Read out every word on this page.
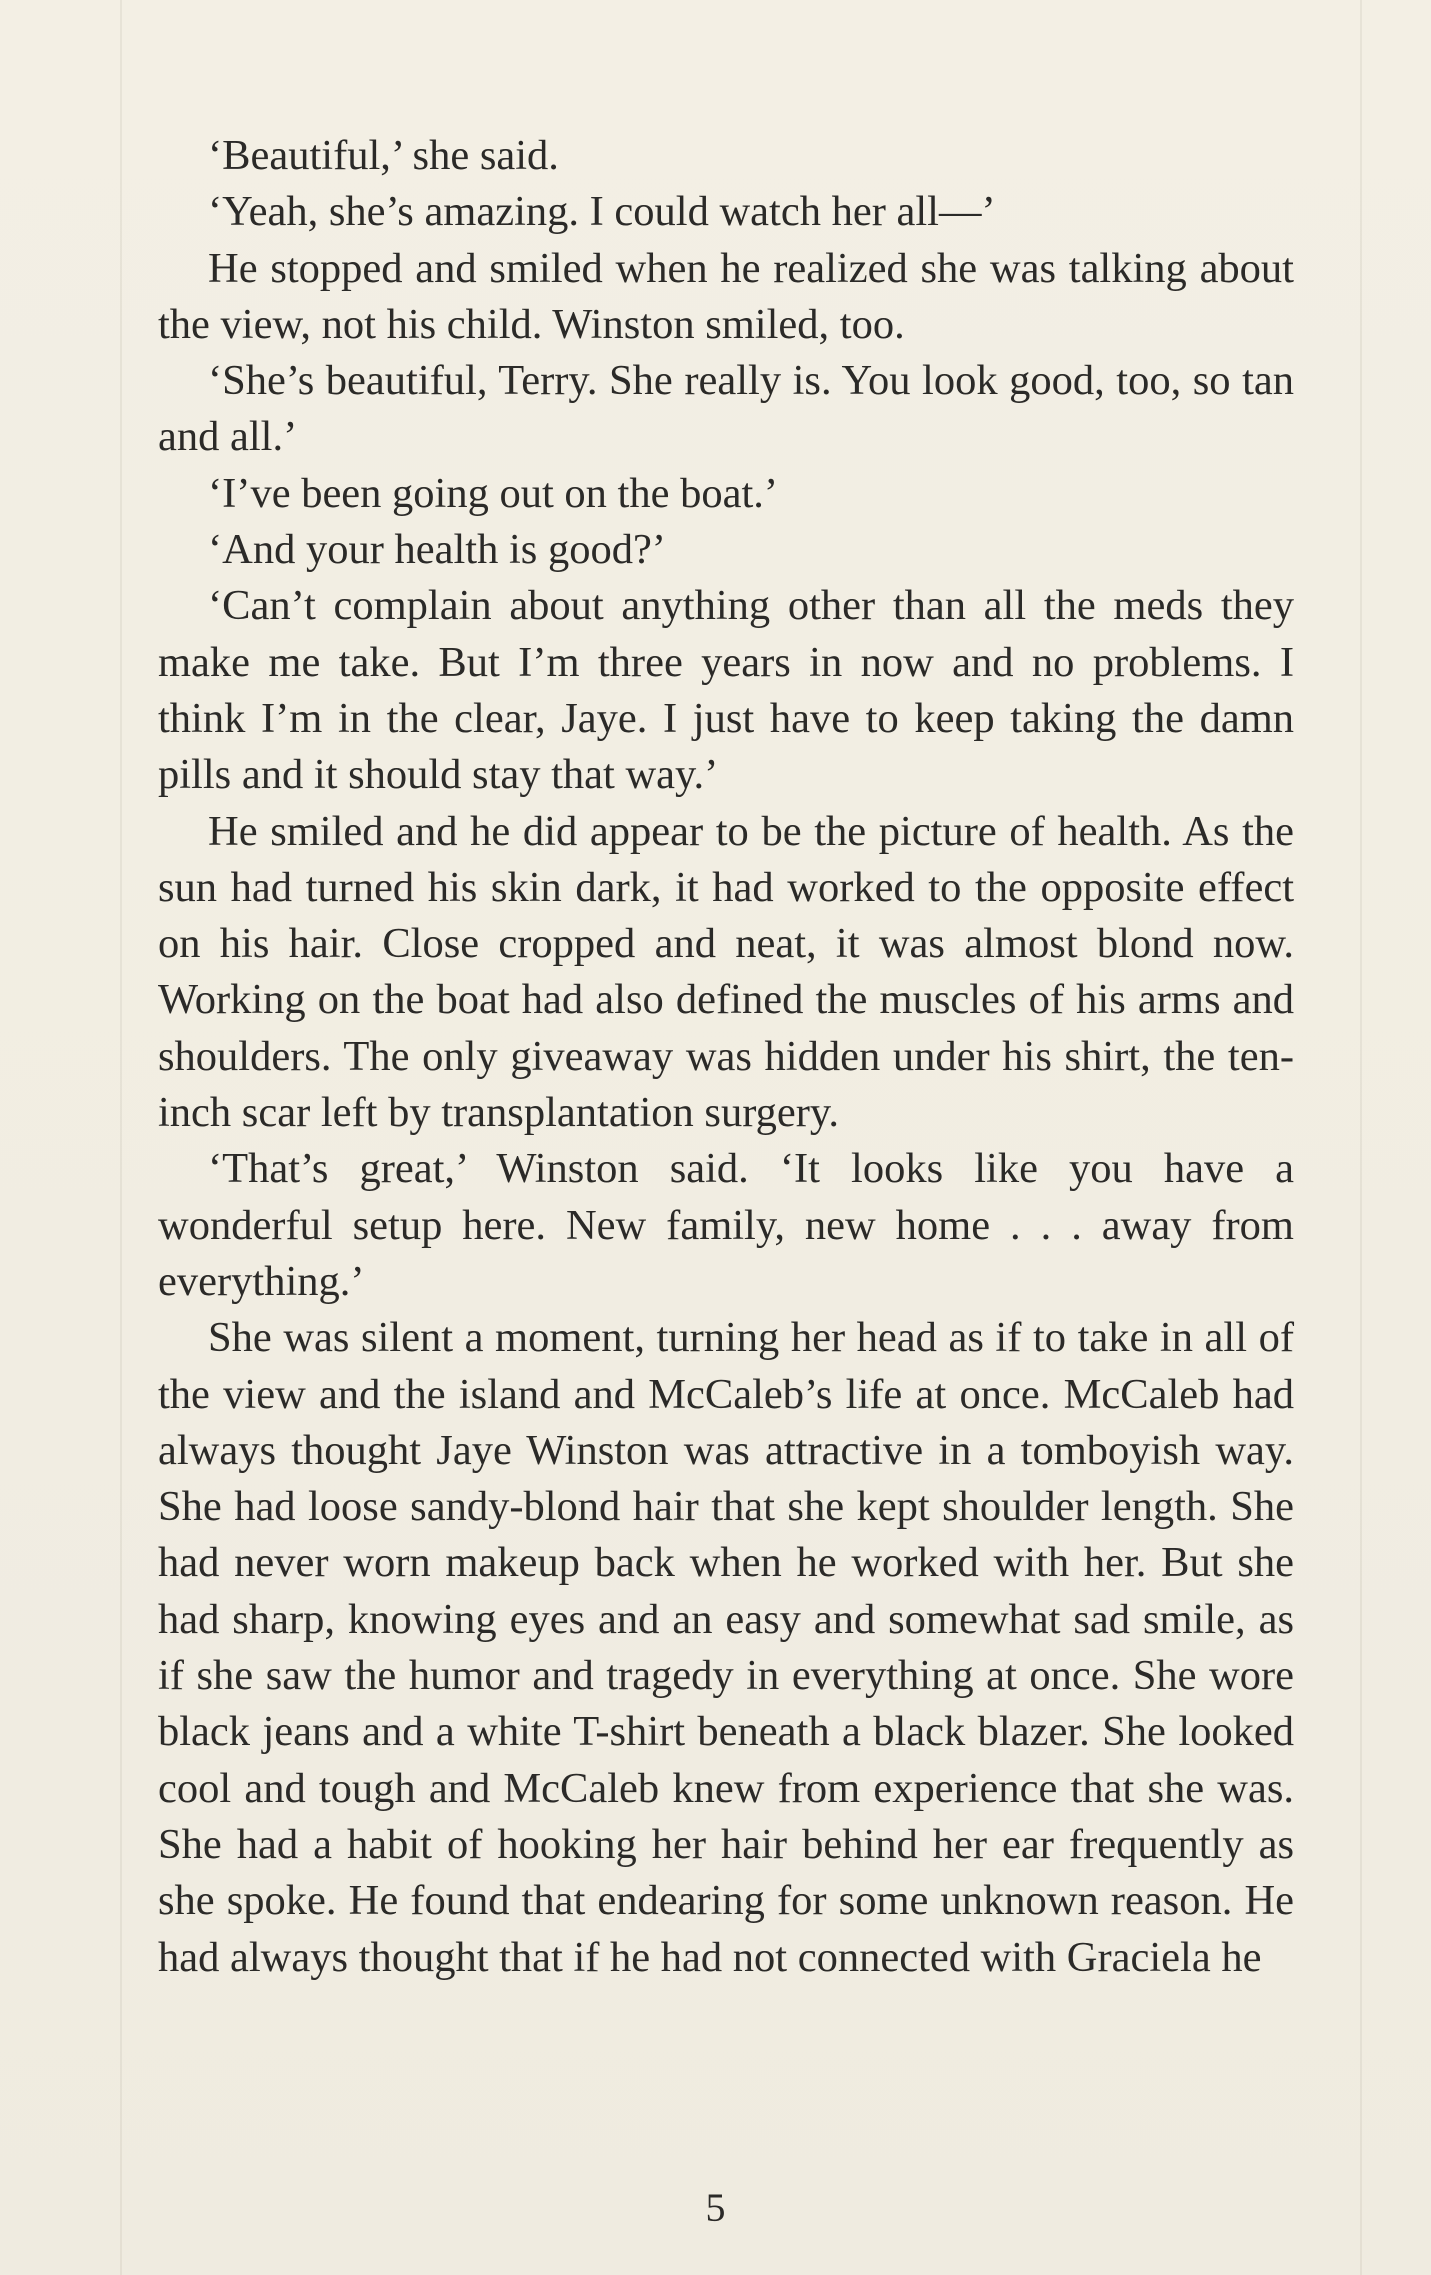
‘Beautiful,’ she said.

‘Yeah, she’s amazing. I could watch her all—’

He stopped and smiled when he realized she was talking about the view, not his child. Winston smiled, too.

‘She’s beautiful, Terry. She really is. You look good, too, so tan and all.’

‘I’ve been going out on the boat.’

‘And your health is good?’

‘Can’t complain about anything other than all the meds they make me take. But I’m three years in now and no problems. I think I’m in the clear, Jaye. I just have to keep taking the damn pills and it should stay that way.’

He smiled and he did appear to be the picture of health. As the sun had turned his skin dark, it had worked to the opposite effect on his hair. Close cropped and neat, it was almost blond now. Working on the boat had also defined the muscles of his arms and shoulders. The only giveaway was hidden under his shirt, the ten-inch scar left by transplantation surgery.

‘That’s great,’ Winston said. ‘It looks like you have a wonderful setup here. New family, new home . . . away from everything.’

She was silent a moment, turning her head as if to take in all of the view and the island and McCaleb’s life at once. McCaleb had always thought Jaye Winston was attractive in a tomboyish way. She had loose sandy-blond hair that she kept shoulder length. She had never worn makeup back when he worked with her. But she had sharp, knowing eyes and an easy and somewhat sad smile, as if she saw the humor and tragedy in everything at once. She wore black jeans and a white T-shirt beneath a black blazer. She looked cool and tough and McCaleb knew from experience that she was. She had a habit of hooking her hair behind her ear frequently as she spoke. He found that endearing for some unknown reason. He had always thought that if he had not connected with Graciela he

5
